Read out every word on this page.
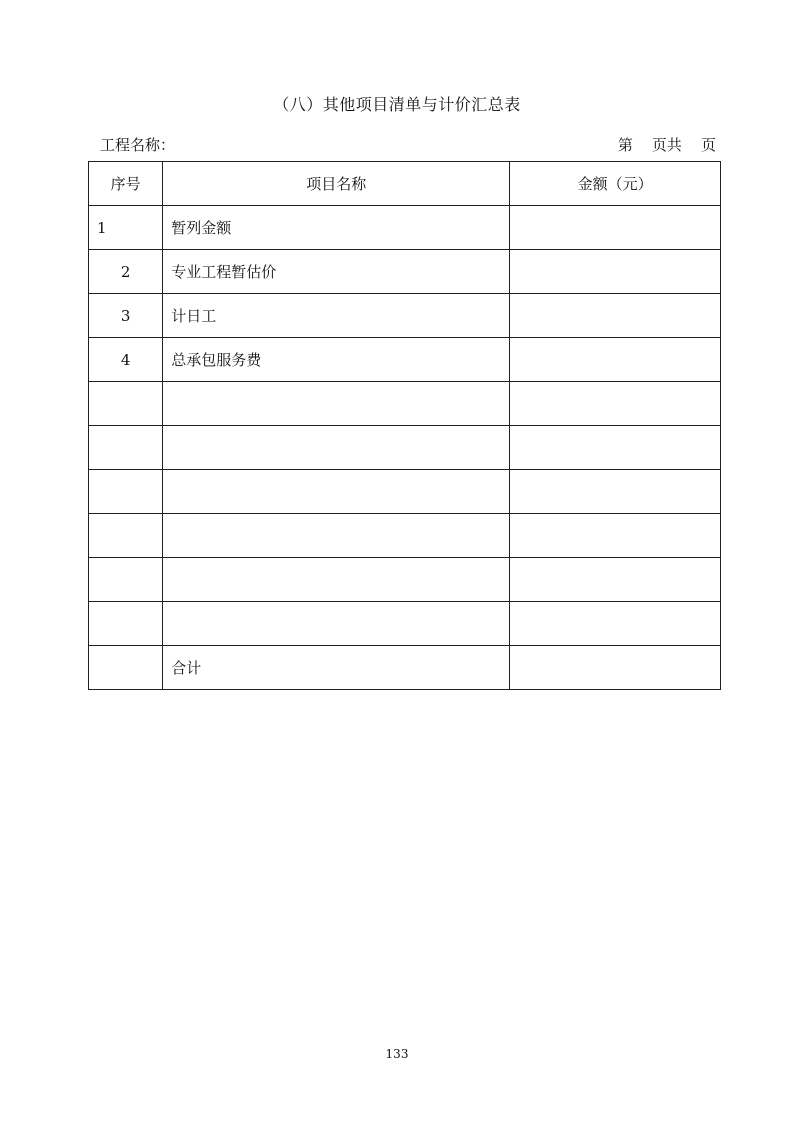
（八）其他项目清单与计价汇总表
工程名称：	第    页共    页
序号	项目名称	金额（元）
1	暂列金额	
2	专业工程暂估价	
3	计日工	
4	总承包服务费	

	合计	
133
